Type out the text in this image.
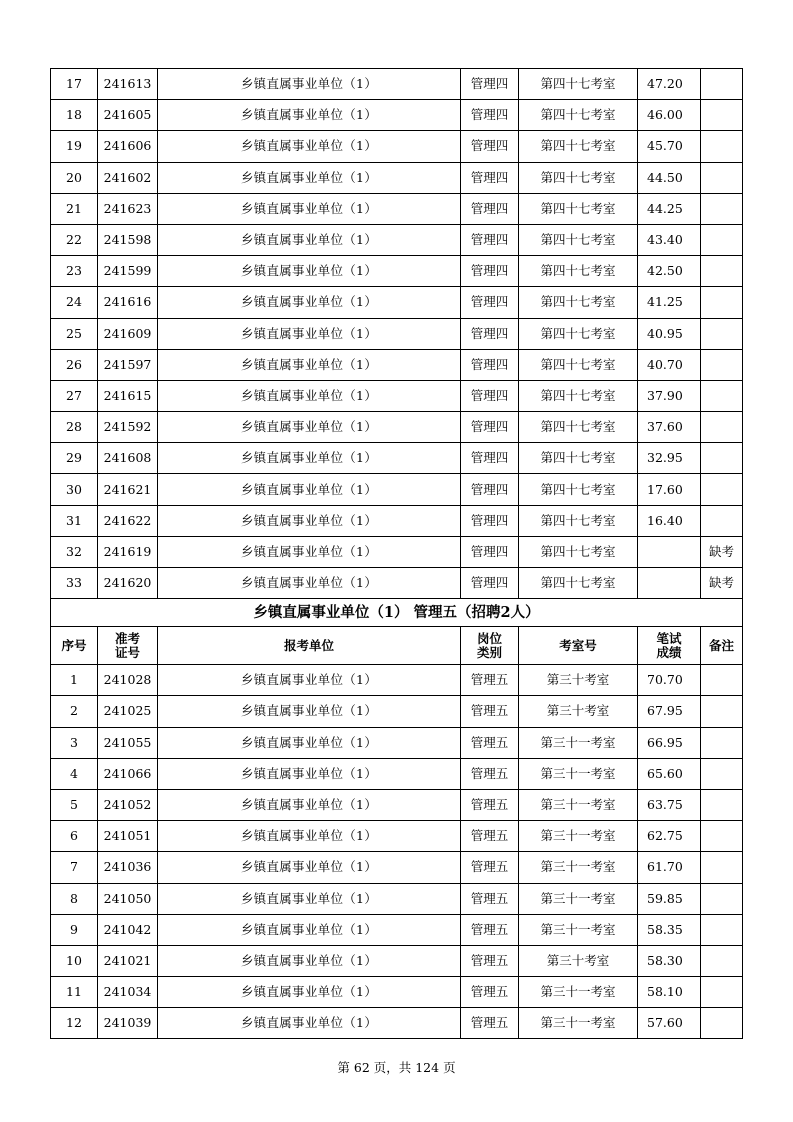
17	241613	乡镇直属事业单位（1）	管理四	第四十七考室	47.20	
18	241605	乡镇直属事业单位（1）	管理四	第四十七考室	46.00	
19	241606	乡镇直属事业单位（1）	管理四	第四十七考室	45.70	
20	241602	乡镇直属事业单位（1）	管理四	第四十七考室	44.50	
21	241623	乡镇直属事业单位（1）	管理四	第四十七考室	44.25	
22	241598	乡镇直属事业单位（1）	管理四	第四十七考室	43.40	
23	241599	乡镇直属事业单位（1）	管理四	第四十七考室	42.50	
24	241616	乡镇直属事业单位（1）	管理四	第四十七考室	41.25	
25	241609	乡镇直属事业单位（1）	管理四	第四十七考室	40.95	
26	241597	乡镇直属事业单位（1）	管理四	第四十七考室	40.70	
27	241615	乡镇直属事业单位（1）	管理四	第四十七考室	37.90	
28	241592	乡镇直属事业单位（1）	管理四	第四十七考室	37.60	
29	241608	乡镇直属事业单位（1）	管理四	第四十七考室	32.95	
30	241621	乡镇直属事业单位（1）	管理四	第四十七考室	17.60	
31	241622	乡镇直属事业单位（1）	管理四	第四十七考室	16.40	
32	241619	乡镇直属事业单位（1）	管理四	第四十七考室		缺考
33	241620	乡镇直属事业单位（1）	管理四	第四十七考室		缺考
乡镇直属事业单位（1） 管理五（招聘2人）						
序号	准考证号	报考单位	岗位类别	考室号	笔试成绩	备注
1	241028	乡镇直属事业单位（1）	管理五	第三十考室	70.70	
2	241025	乡镇直属事业单位（1）	管理五	第三十考室	67.95	
3	241055	乡镇直属事业单位（1）	管理五	第三十一考室	66.95	
4	241066	乡镇直属事业单位（1）	管理五	第三十一考室	65.60	
5	241052	乡镇直属事业单位（1）	管理五	第三十一考室	63.75	
6	241051	乡镇直属事业单位（1）	管理五	第三十一考室	62.75	
7	241036	乡镇直属事业单位（1）	管理五	第三十一考室	61.70	
8	241050	乡镇直属事业单位（1）	管理五	第三十一考室	59.85	
9	241042	乡镇直属事业单位（1）	管理五	第三十一考室	58.35	
10	241021	乡镇直属事业单位（1）	管理五	第三十考室	58.30	
11	241034	乡镇直属事业单位（1）	管理五	第三十一考室	58.10	
12	241039	乡镇直属事业单位（1）	管理五	第三十一考室	57.60	
第 62 页，共 124 页
